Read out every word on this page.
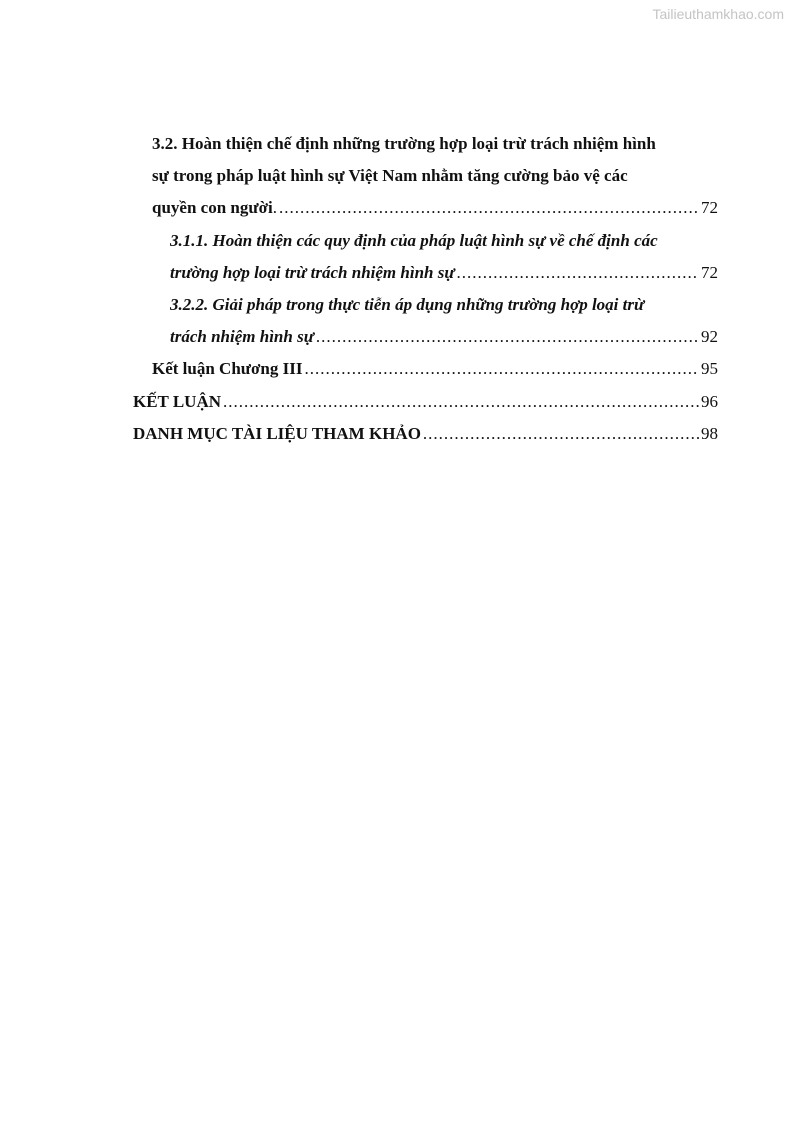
Tailieuthamkhao.com
3.2. Hoàn thiện chế định những trường hợp loại trừ trách nhiệm hình
sự trong pháp luật hình sự Việt Nam nhằm tăng cường bảo vệ các
quyền con người . .....	72
3.1.1. Hoàn thiện các quy định của pháp luật hình sự về chế định các
trường hợp loại trừ trách nhiệm hình sự .....	72
3.2.2. Giải pháp trong thực tiễn áp dụng những trường hợp loại trừ
trách nhiệm hình sự .....	92
Kết luận Chương III .....	95
KẾT LUẬN .....	96
DANH MỤC TÀI LIỆU THAM KHẢO .....	98
